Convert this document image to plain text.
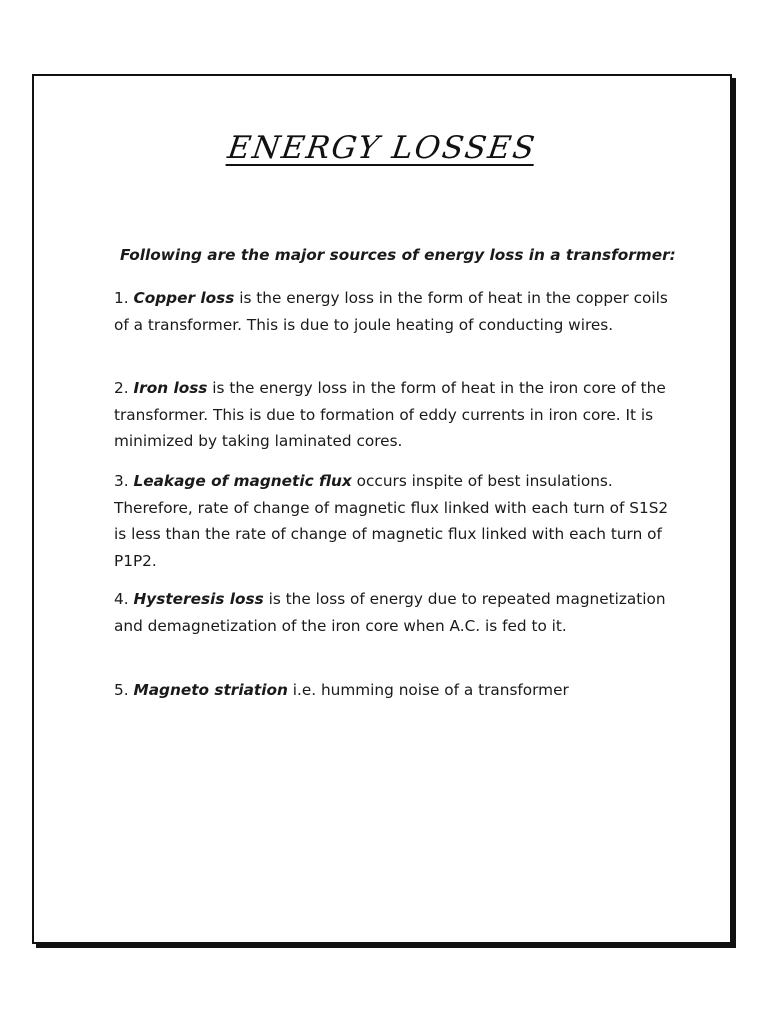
ENERGY LOSSES
Following are the major sources of energy loss in a transformer:
1. Copper loss is the energy loss in the form of heat in the copper coils of a transformer. This is due to joule heating of conducting wires.
2. Iron loss is the energy loss in the form of heat in the iron core of the transformer. This is due to formation of eddy currents in iron core. It is minimized by taking laminated cores.
3. Leakage of magnetic flux occurs inspite of best insulations. Therefore, rate of change of magnetic flux linked with each turn of S1S2 is less than the rate of change of magnetic flux linked with each turn of P1P2.
4. Hysteresis loss is the loss of energy due to repeated magnetization and demagnetization of the iron core when A.C. is fed to it.
5. Magneto striation i.e. humming noise of a transformer
